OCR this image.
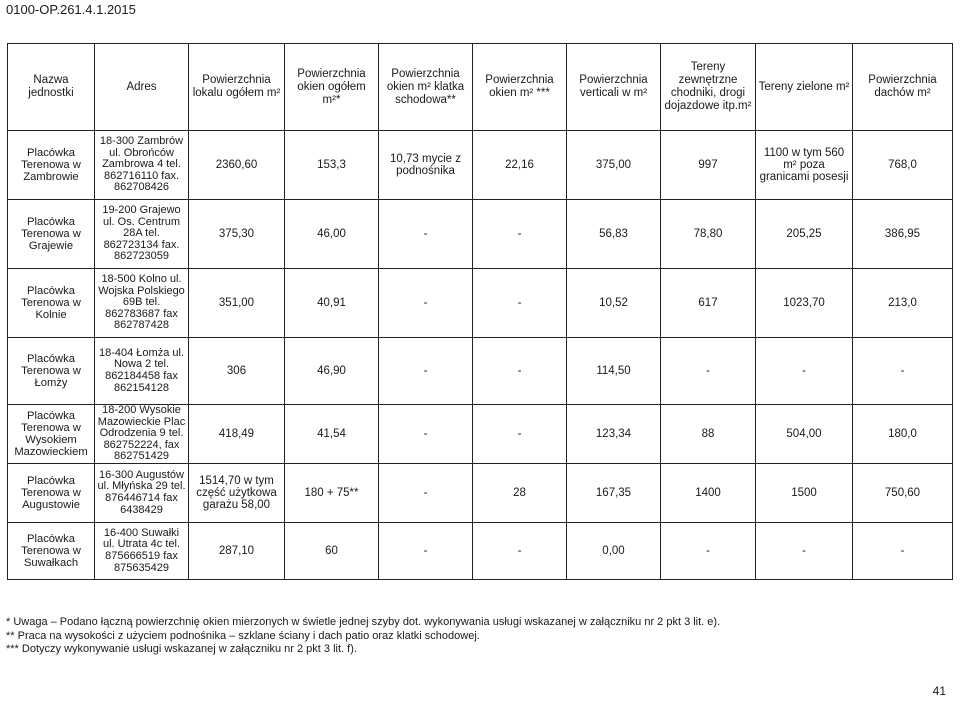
0100-OP.261.4.1.2015
Nazwa jednostki	Adres	Powierzchnia lokalu ogółem m²	Powierzchnia okien ogółem m²*	Powierzchnia okien m² klatka schodowa**	Powierzchnia okien m² ***	Powierzchnia verticali w m²	Tereny zewnętrzne chodniki, drogi dojazdowe itp.m²	Tereny zielone m²	Powierzchnia dachów m²
Placówka Terenowa w Zambrowie	18-300 Zambrów ul. Obrońców Zambrowa 4 tel. 862716110 fax. 862708426	2360,60	153,3	10,73 mycie z podnośnika	22,16	375,00	997	1100 w tym 560 m² poza granicami posesji	768,0
Placówka Terenowa w Grajewie	19-200 Grajewo ul. Os. Centrum 28A tel. 862723134 fax. 862723059	375,30	46,00	-	-	56,83	78,80	205,25	386,95
Placówka Terenowa w Kolnie	18-500 Kolno ul. Wojska Polskiego 69B tel. 862783687 fax 862787428	351,00	40,91	-	-	10,52	617	1023,70	213,0
Placówka Terenowa w Łomży	18-404 Łomża ul. Nowa 2 tel. 862184458 fax 862154128	306	46,90	-	-	114,50	-	-	-
Placówka Terenowa w Wysokiem Mazowieckiem	18-200 Wysokie Mazowieckie Plac Odrodzenia 9 tel. 862752224, fax 862751429	418,49	41,54	-	-	123,34	88	504,00	180,0
Placówka Terenowa w Augustowie	16-300 Augustów ul. Młyńska 29 tel. 876446714 fax 6438429	1514,70 w tym część użytkowa garażu 58,00	180 + 75**	-	28	167,35	1400	1500	750,60
Placówka Terenowa w Suwałkach	16-400 Suwałki ul. Utrata 4c tel. 875666519 fax 875635429	287,10	60	-	-	0,00	-	-	-
* Uwaga – Podano łączną powierzchnię okien mierzonych w świetle jednej szyby dot. wykonywania usługi wskazanej w załączniku nr 2 pkt 3 lit. e).
** Praca na wysokości z użyciem podnośnika – szklane ściany i dach patio oraz klatki schodowej.
*** Dotyczy wykonywanie usługi wskazanej w załączniku nr 2 pkt 3 lit. f).
41
